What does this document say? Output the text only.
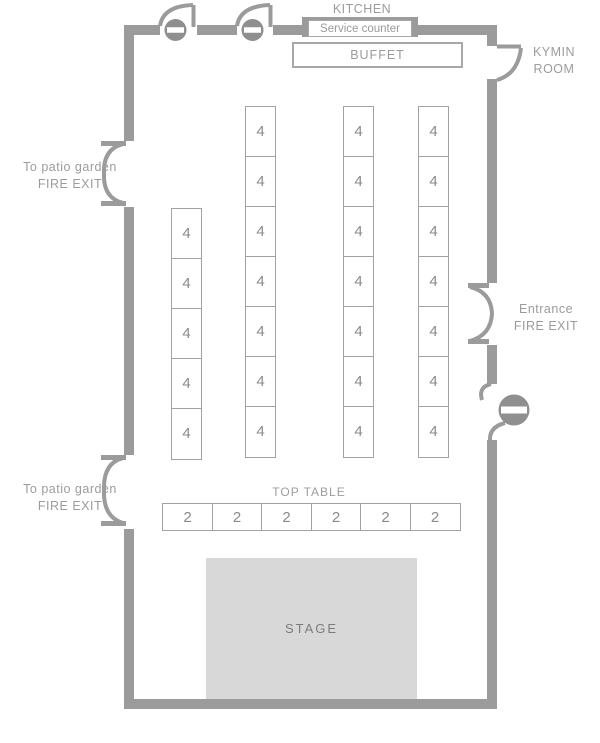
KITCHEN
KYMIN
ROOM
To patio garden
FIRE EXIT
To patio garden
FIRE EXIT
Entrance
FIRE EXIT
TOP TABLE
Service counter
BUFFET
STAGE
4
4
4
4
4
4
4
4
4
4
4
4
4
4
4
4
4
4
4
4
4
4
4
4
4
4
2	2	2	2	2	2
